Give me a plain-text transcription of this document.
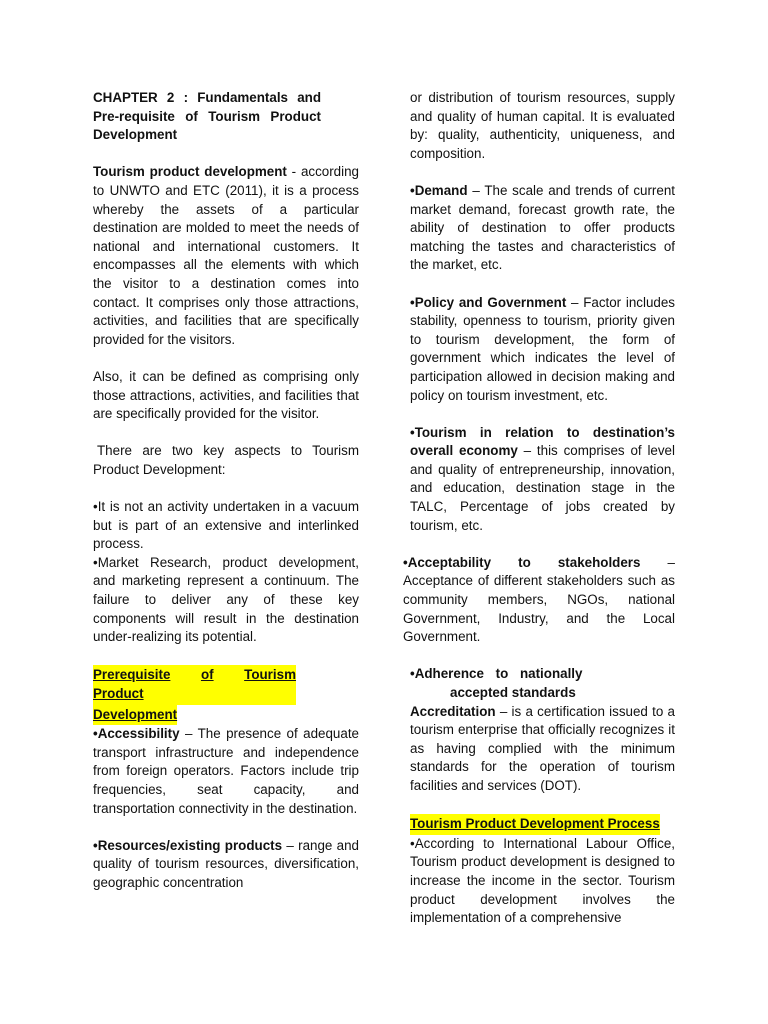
CHAPTER 2 : Fundamentals and Pre-requisite of Tourism Product Development

Tourism product development - according to UNWTO and ETC (2011), it is a process whereby the assets of a particular destination are molded to meet the needs of national and international customers. It encompasses all the elements with which the visitor to a destination comes into contact. It comprises only those attractions, activities, and facilities that are specifically provided for the visitors.

Also, it can be defined as comprising only those attractions, activities, and facilities that are specifically provided for the visitor.

There are two key aspects to Tourism Product Development:

•It is not an activity undertaken in a vacuum but is part of an extensive and interlinked process.

•Market Research, product development, and marketing represent a continuum. The failure to deliver any of these key components will result in the destination under-realizing its potential.

Prerequisite of Tourism
Product
Development

•Accessibility – The presence of adequate transport infrastructure and independence from foreign operators. Factors include trip frequencies, seat capacity, and transportation connectivity in the destination.

•Resources/existing products – range and quality of tourism resources, diversification, geographic concentration

or distribution of tourism resources, supply and quality of human capital. It is evaluated by: quality, authenticity, uniqueness, and composition.

•Demand – The scale and trends of current market demand, forecast growth rate, the ability of destination to offer products matching the tastes and characteristics of the market, etc.

•Policy and Government – Factor includes stability, openness to tourism, priority given to tourism development, the form of government which indicates the level of participation allowed in decision making and policy on tourism investment, etc.

•Tourism in relation to destination’s overall economy – this comprises of level and quality of entrepreneurship, innovation, and education, destination stage in the TALC, Percentage of jobs created by tourism, etc.

•Acceptability to stakeholders – Acceptance of different stakeholders such as community members, NGOs, national Government, Industry, and the Local Government.

•Adherence to nationally

accepted standards

Accreditation – is a certification issued to a tourism enterprise that officially recognizes it as having complied with the minimum standards for the operation of tourism facilities and services (DOT).

Tourism Product Development Process

•According to International Labour Office, Tourism product development is designed to increase the income in the sector. Tourism product development involves the implementation of a comprehensive
